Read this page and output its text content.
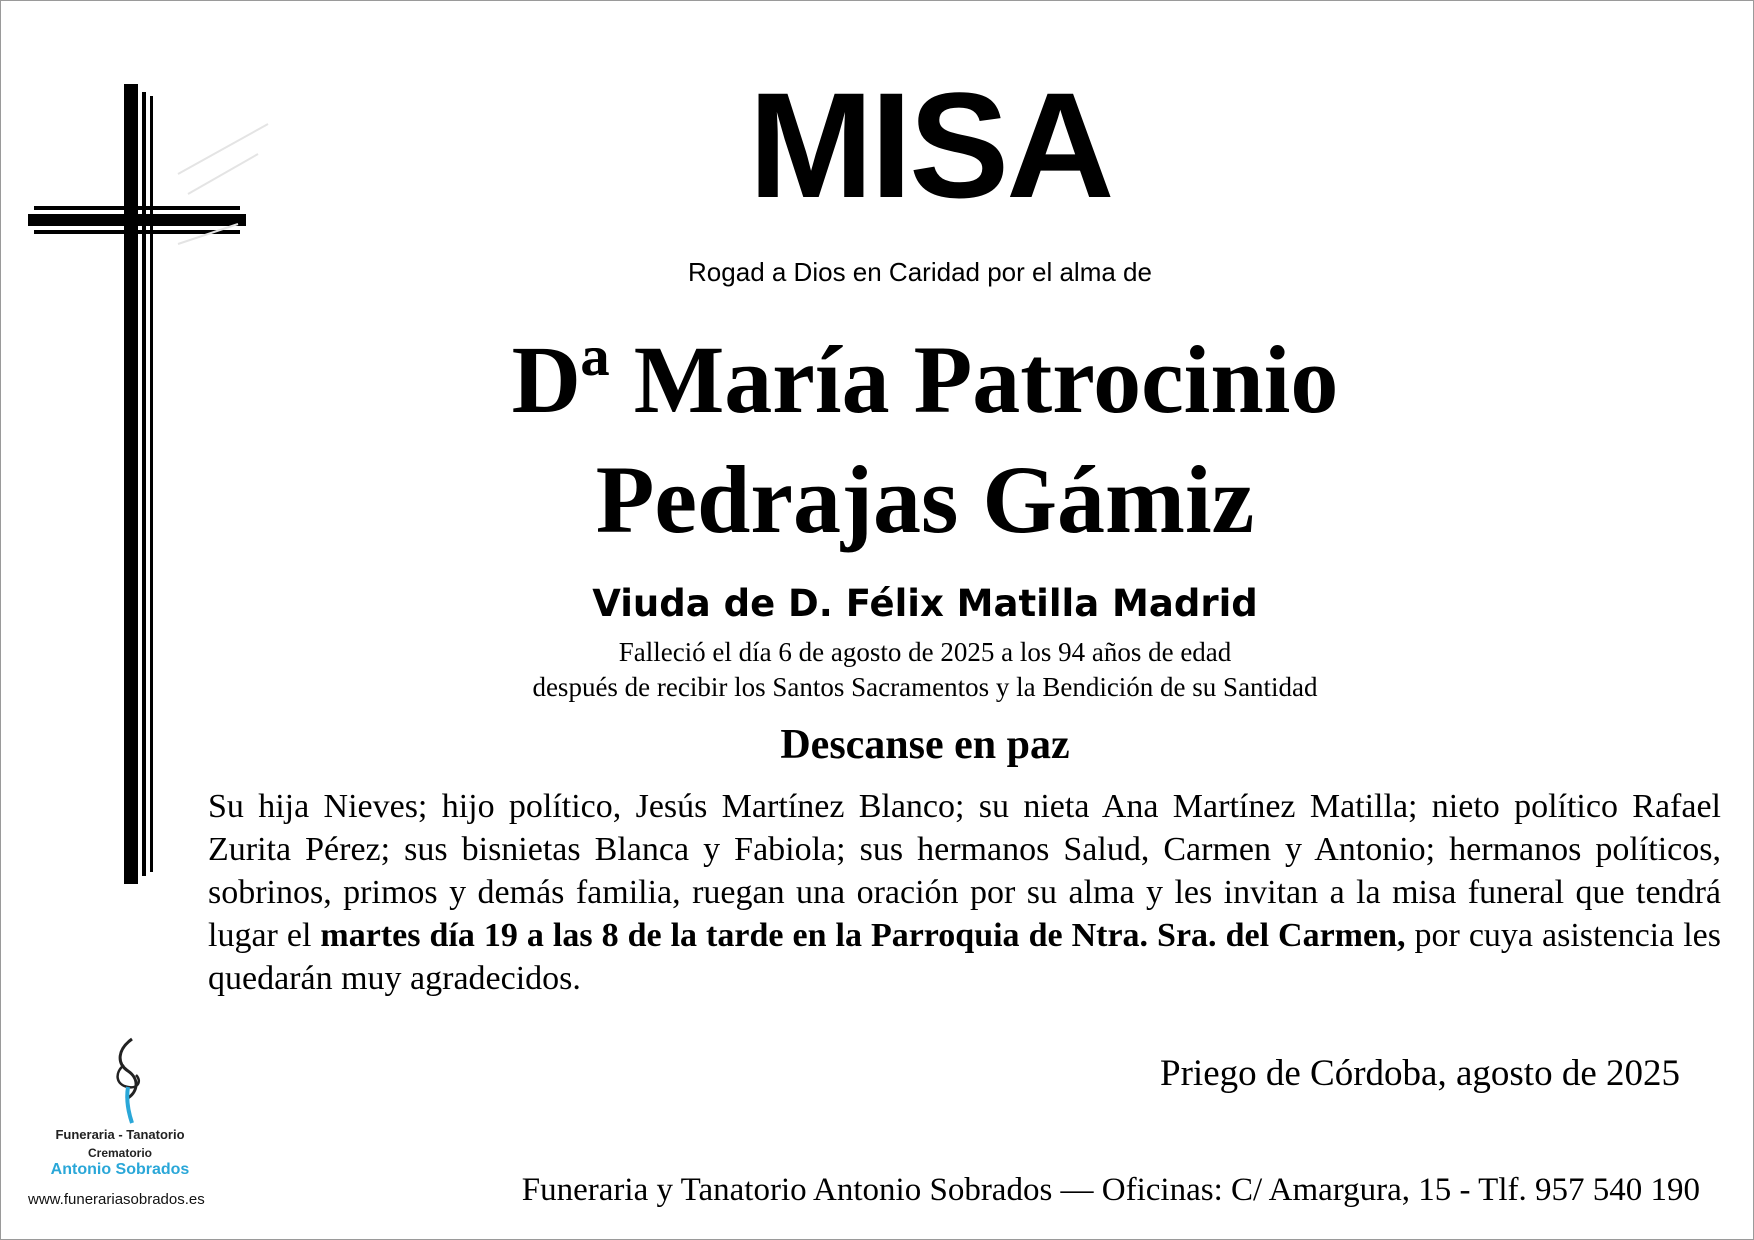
MISA
Rogad a Dios en Caridad por el alma de
Dª María Patrocinio
Pedrajas Gámiz
Viuda de D. Félix Matilla Madrid
Falleció el día 6 de agosto de 2025 a los 94 años de edad
después de recibir los Santos Sacramentos y la Bendición de su Santidad
Descanse en paz
Su hija Nieves; hijo político, Jesús Martínez Blanco; su nieta Ana Martínez Matilla; nieto político Rafael Zurita Pérez; sus bisnietas Blanca y Fabiola; sus hermanos Salud, Carmen y Antonio; hermanos políticos, sobrinos, primos y demás familia, ruegan una oración por su alma y les invitan a la misa funeral que tendrá lugar el martes día 19 a las 8 de la tarde en la Parroquia de Ntra. Sra. del Carmen, por cuya asistencia les quedarán muy agradecidos.
Priego de Córdoba, agosto de 2025
Funeraria y Tanatorio Antonio Sobrados — Oficinas: C/ Amargura, 15 - Tlf. 957 540 190
Funeraria - Tanatorio
Crematorio
Antonio Sobrados
www.funerariasobrados.es
